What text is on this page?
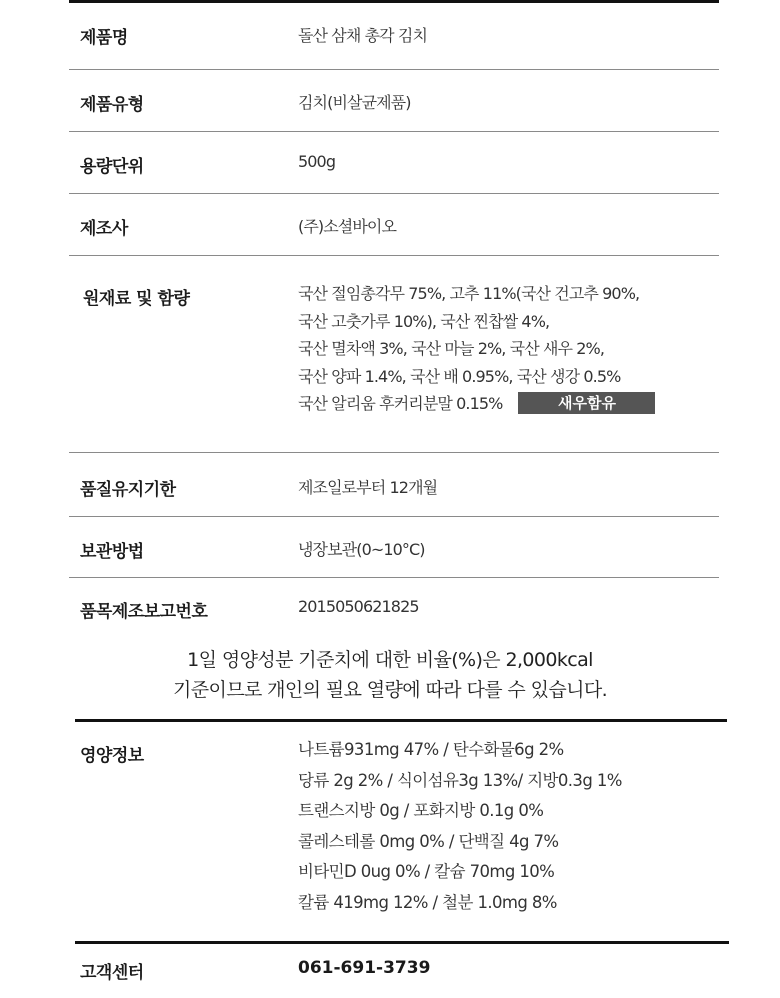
제품명	돌산 삼채 총각 김치
제품유형	김치(비살균제품)
용량단위	500g
제조사	(주)소셜바이오
원재료 및 함량	국산 절임총각무 75%, 고추 11%(국산 건고추 90%,
국산 고춧가루 10%), 국산 찐찹쌀 4%,
국산 멸차액 3%, 국산 마늘 2%, 국산 새우 2%,
국산 양파 1.4%, 국산 배 0.95%, 국산 생강 0.5%
국산 알리움 후커리분말 0.15%	새우함유
품질유지기한	제조일로부터 12개월
보관방법	냉장보관(0~10°C)
품목제조보고번호	2015050621825
1일 영양성분 기준치에 대한 비율(%)은 2,000kcal
기준이므로 개인의 필요 열량에 따라 다를 수 있습니다.
영양정보	나트륨931mg 47% / 탄수화물6g 2%
당류 2g 2% / 식이섬유3g 13%/ 지방0.3g 1%
트랜스지방 0g / 포화지방 0.1g 0%
콜레스테롤 0mg 0% / 단백질 4g 7%
비타민D 0ug 0% / 칼슘 70mg 10%
칼륨 419mg 12% / 철분 1.0mg 8%
고객센터	061-691-3739
